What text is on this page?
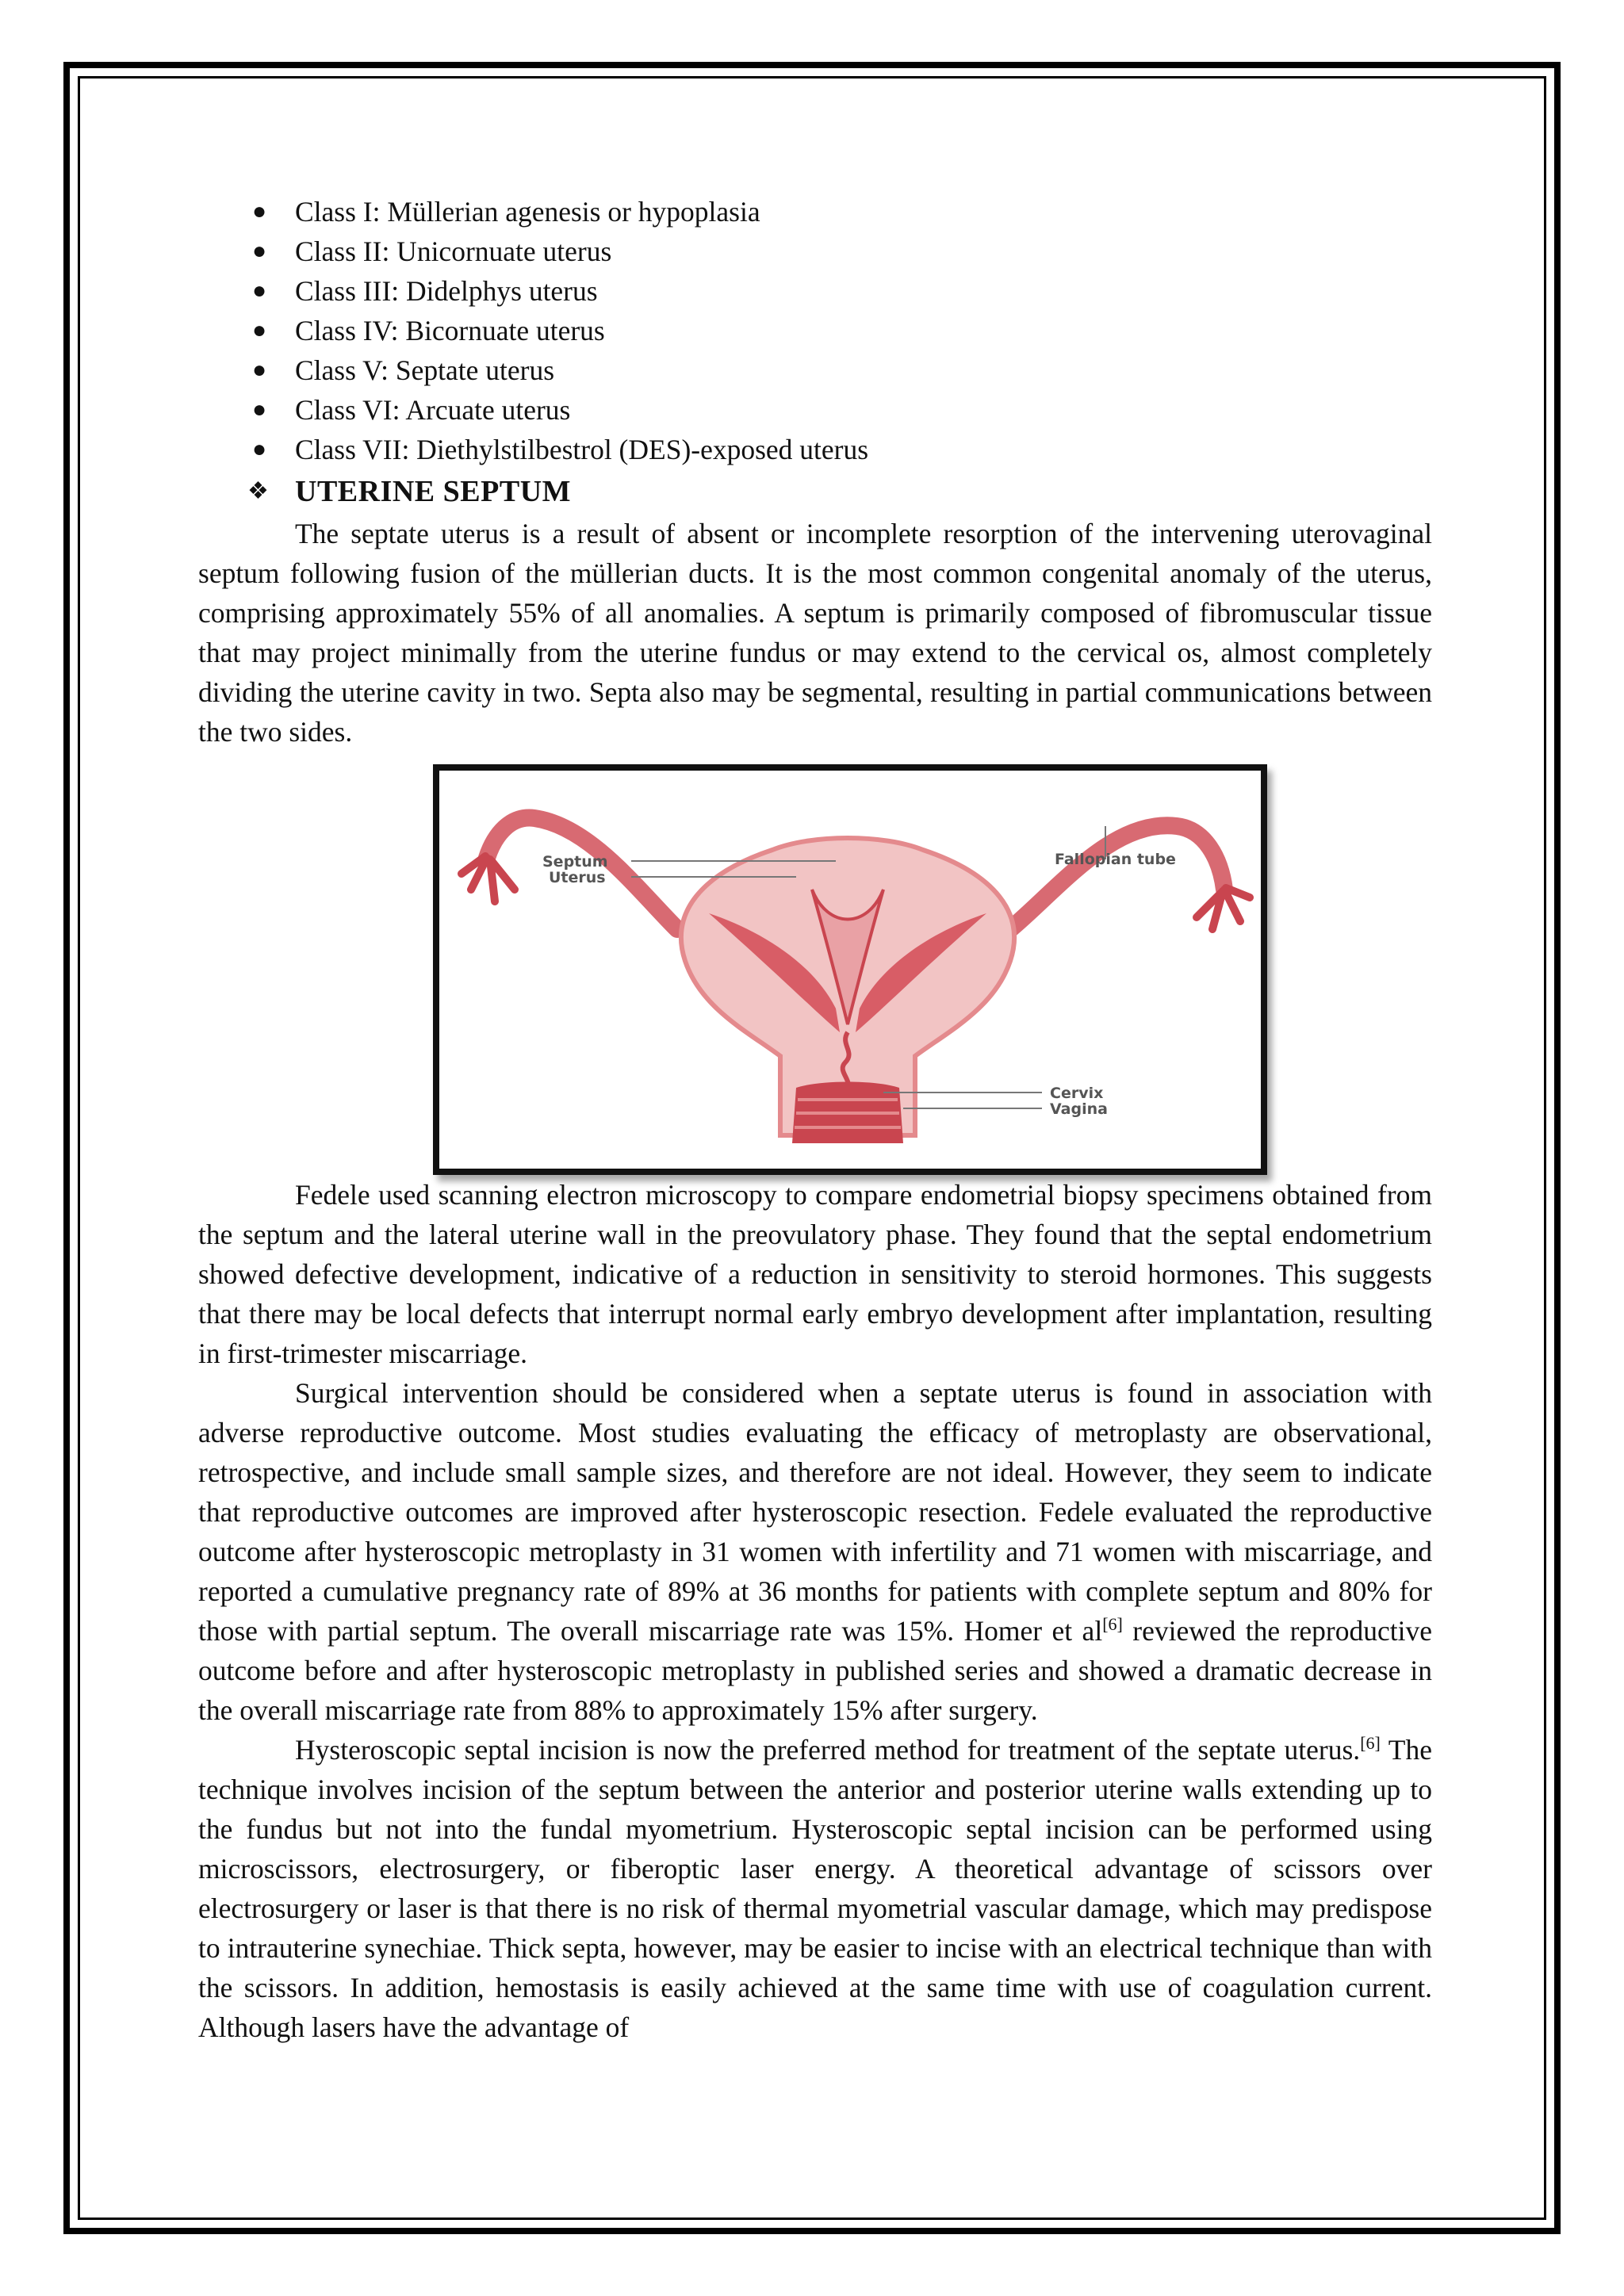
● Class I: Müllerian agenesis or hypoplasia
● Class II: Unicornuate uterus
● Class III: Didelphys uterus
● Class IV: Bicornuate uterus
● Class V: Septate uterus
● Class VI: Arcuate uterus
● Class VII: Diethylstilbestrol (DES)-exposed uterus
❖ UTERINE SEPTUM

The septate uterus is a result of absent or incomplete resorption of the intervening uterovaginal septum following fusion of the müllerian ducts. It is the most common congenital anomaly of the uterus, comprising approximately 55% of all anomalies. A septum is primarily composed of fibromuscular tissue that may project minimally from the uterine fundus or may extend to the cervical os, almost completely dividing the uterine cavity in two. Septa also may be segmental, resulting in partial communications between the two sides.

Septum
Uterus
Fallopian tube
Cervix
Vagina

Fedele used scanning electron microscopy to compare endometrial biopsy specimens obtained from the septum and the lateral uterine wall in the preovulatory phase. They found that the septal endometrium showed defective development, indicative of a reduction in sensitivity to steroid hormones. This suggests that there may be local defects that interrupt normal early embryo development after implantation, resulting in first-trimester miscarriage.

Surgical intervention should be considered when a septate uterus is found in association with adverse reproductive outcome. Most studies evaluating the efficacy of metroplasty are observational, retrospective, and include small sample sizes, and therefore are not ideal. However, they seem to indicate that reproductive outcomes are improved after hysteroscopic resection. Fedele evaluated the reproductive outcome after hysteroscopic metroplasty in 31 women with infertility and 71 women with miscarriage, and reported a cumulative pregnancy rate of 89% at 36 months for patients with complete septum and 80% for those with partial septum. The overall miscarriage rate was 15%. Homer et al[6] reviewed the reproductive outcome before and after hysteroscopic metroplasty in published series and showed a dramatic decrease in the overall miscarriage rate from 88% to approximately 15% after surgery.

Hysteroscopic septal incision is now the preferred method for treatment of the septate uterus.[6] The technique involves incision of the septum between the anterior and posterior uterine walls extending up to the fundus but not into the fundal myometrium. Hysteroscopic septal incision can be performed using microscissors, electrosurgery, or fiberoptic laser energy. A theoretical advantage of scissors over electrosurgery or laser is that there is no risk of thermal myometrial vascular damage, which may predispose to intrauterine synechiae. Thick septa, however, may be easier to incise with an electrical technique than with the scissors. In addition, hemostasis is easily achieved at the same time with use of coagulation current. Although lasers have the advantage of
